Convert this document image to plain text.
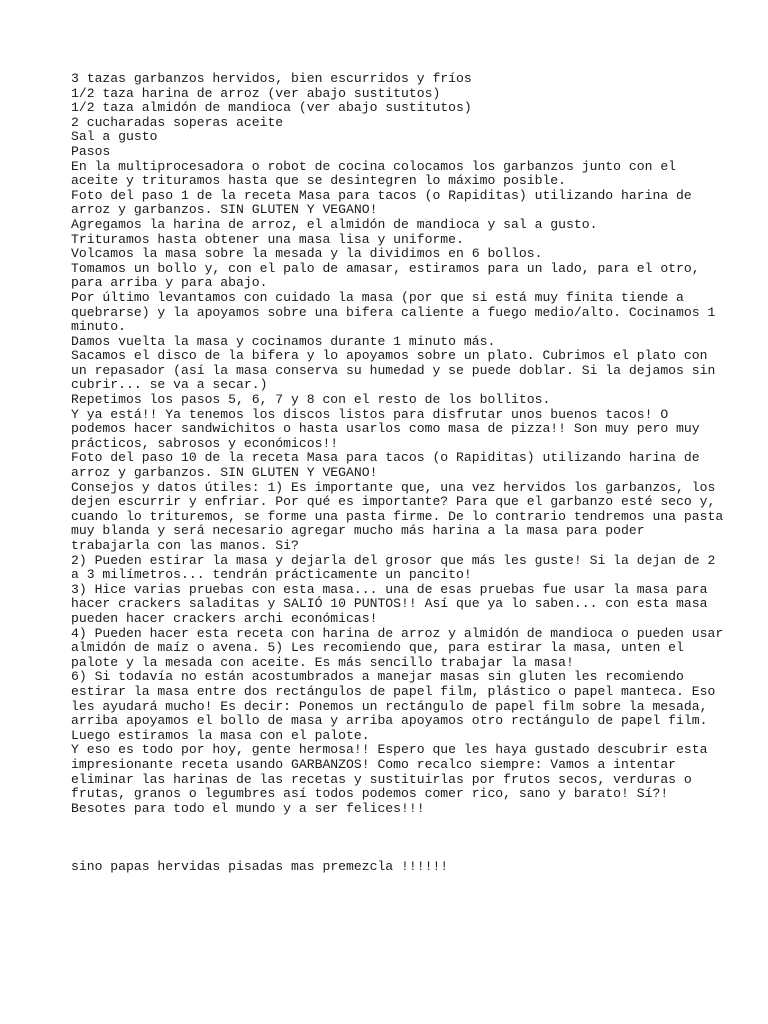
3 tazas garbanzos hervidos, bien escurridos y fríos
1/2 taza harina de arroz (ver abajo sustitutos)
1/2 taza almidón de mandioca (ver abajo sustitutos)
2 cucharadas soperas aceite
Sal a gusto
Pasos
En la multiprocesadora o robot de cocina colocamos los garbanzos junto con el
aceite y trituramos hasta que se desintegren lo máximo posible.
Foto del paso 1 de la receta Masa para tacos (o Rapiditas) utilizando harina de
arroz y garbanzos. SIN GLUTEN Y VEGANO!
Agregamos la harina de arroz, el almidón de mandioca y sal a gusto.
Trituramos hasta obtener una masa lisa y uniforme.
Volcamos la masa sobre la mesada y la dividimos en 6 bollos.
Tomamos un bollo y, con el palo de amasar, estiramos para un lado, para el otro,
para arriba y para abajo.
Por último levantamos con cuidado la masa (por que si está muy finita tiende a
quebrarse) y la apoyamos sobre una bifera caliente a fuego medio/alto. Cocinamos 1
minuto.
Damos vuelta la masa y cocinamos durante 1 minuto más.
Sacamos el disco de la bifera y lo apoyamos sobre un plato. Cubrimos el plato con
un repasador (así la masa conserva su humedad y se puede doblar. Si la dejamos sin
cubrir... se va a secar.)
Repetimos los pasos 5, 6, 7 y 8 con el resto de los bollitos.
Y ya está!! Ya tenemos los discos listos para disfrutar unos buenos tacos! O
podemos hacer sandwichitos o hasta usarlos como masa de pizza!! Son muy pero muy
prácticos, sabrosos y económicos!!
Foto del paso 10 de la receta Masa para tacos (o Rapiditas) utilizando harina de
arroz y garbanzos. SIN GLUTEN Y VEGANO!
Consejos y datos útiles: 1) Es importante que, una vez hervidos los garbanzos, los
dejen escurrir y enfriar. Por qué es importante? Para que el garbanzo esté seco y,
cuando lo trituremos, se forme una pasta firme. De lo contrario tendremos una pasta
muy blanda y será necesario agregar mucho más harina a la masa para poder
trabajarla con las manos. Si?
2) Pueden estirar la masa y dejarla del grosor que más les guste! Si la dejan de 2
a 3 milímetros... tendrán prácticamente un pancito!
3) Hice varias pruebas con esta masa... una de esas pruebas fue usar la masa para
hacer crackers saladitas y SALIÓ 10 PUNTOS!! Así que ya lo saben... con esta masa
pueden hacer crackers archi económicas!
4) Pueden hacer esta receta con harina de arroz y almidón de mandioca o pueden usar
almidón de maíz o avena. 5) Les recomiendo que, para estirar la masa, unten el
palote y la mesada con aceite. Es más sencillo trabajar la masa!
6) Si todavía no están acostumbrados a manejar masas sin gluten les recomiendo
estirar la masa entre dos rectángulos de papel film, plástico o papel manteca. Eso
les ayudará mucho! Es decir: Ponemos un rectángulo de papel film sobre la mesada,
arriba apoyamos el bollo de masa y arriba apoyamos otro rectángulo de papel film.
Luego estiramos la masa con el palote.
Y eso es todo por hoy, gente hermosa!! Espero que les haya gustado descubrir esta
impresionante receta usando GARBANZOS! Como recalco siempre: Vamos a intentar
eliminar las harinas de las recetas y sustituirlas por frutos secos, verduras o
frutas, granos o legumbres así todos podemos comer rico, sano y barato! Sí?!
Besotes para todo el mundo y a ser felices!!!
sino papas hervidas pisadas mas premezcla !!!!!!
